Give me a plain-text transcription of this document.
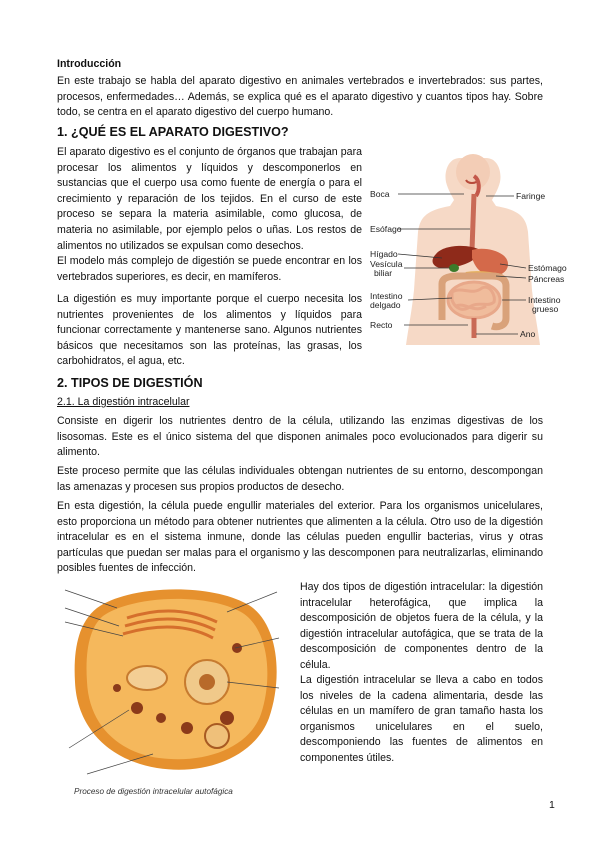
Introducción

En este trabajo se habla del aparato digestivo en animales vertebrados e invertebrados: sus partes, procesos, enfermedades… Además, se explica qué es el aparato digestivo y cuantos tipos hay. Sobre todo, se centra en el aparato digestivo del cuerpo humano.

1. ¿QUÉ ES EL APARATO DIGESTIVO?

El aparato digestivo es el conjunto de órganos que trabajan para procesar los alimentos y líquidos y descomponerlos en sustancias que el cuerpo usa como fuente de energía o para el crecimiento y reparación de los tejidos. En el curso de este proceso se separa la materia asimilable, como glucosa, de materia no asimilable, por ejemplo pelos o uñas. Los restos de alimentos no utilizados se expulsan como desechos.

El modelo más complejo de digestión se puede encontrar en los vertebrados superiores, es decir, en mamíferos.

La digestión es muy importante porque el cuerpo necesita los nutrientes provenientes de los alimentos y líquidos para funcionar correctamente y mantenerse sano. Algunos nutrientes básicos que necesitamos son las proteínas, las grasas, los carbohidratos, el agua, etc.

Boca	Faringe
Esófago
Hígado
Vesícula
biliar	Estómago
Páncreas
Intestino
delgado	Intestino
grueso
Recto
Ano

2. TIPOS DE DIGESTIÓN

2.1. La digestión intracelular

Consiste en digerir los nutrientes dentro de la célula, utilizando las enzimas digestivas de los lisosomas. Este es el único sistema del que disponen animales poco evolucionados para digerir su alimento.

Este proceso permite que las células individuales obtengan nutrientes de su entorno, descompongan las amenazas y procesen sus propios productos de desecho.

En esta digestión, la célula puede engullir materiales del exterior. Para los organismos unicelulares, esto proporciona un método para obtener nutrientes que alimenten a la célula. Otro uso de la digestión intracelular es en el sistema inmune, donde las células pueden engullir bacterias, virus y otras partículas que puedan ser malas para el organismo y las descomponen para neutralizarlas, eliminando posibles fuentes de infección.

Proceso de digestión intracelular autofágica

Hay dos tipos de digestión intracelular: la digestión intracelular heterofágica, que implica la descomposición de objetos fuera de la célula, y la digestión intracelular autofágica, que se trata de la descomposición de componentes dentro de la célula.

La digestión intracelular se lleva a cabo en todos los niveles de la cadena alimentaria, desde las células en un mamífero de gran tamaño hasta los organismos unicelulares en el suelo, descomponiendo las fuentes de alimentos en componentes útiles.

1
